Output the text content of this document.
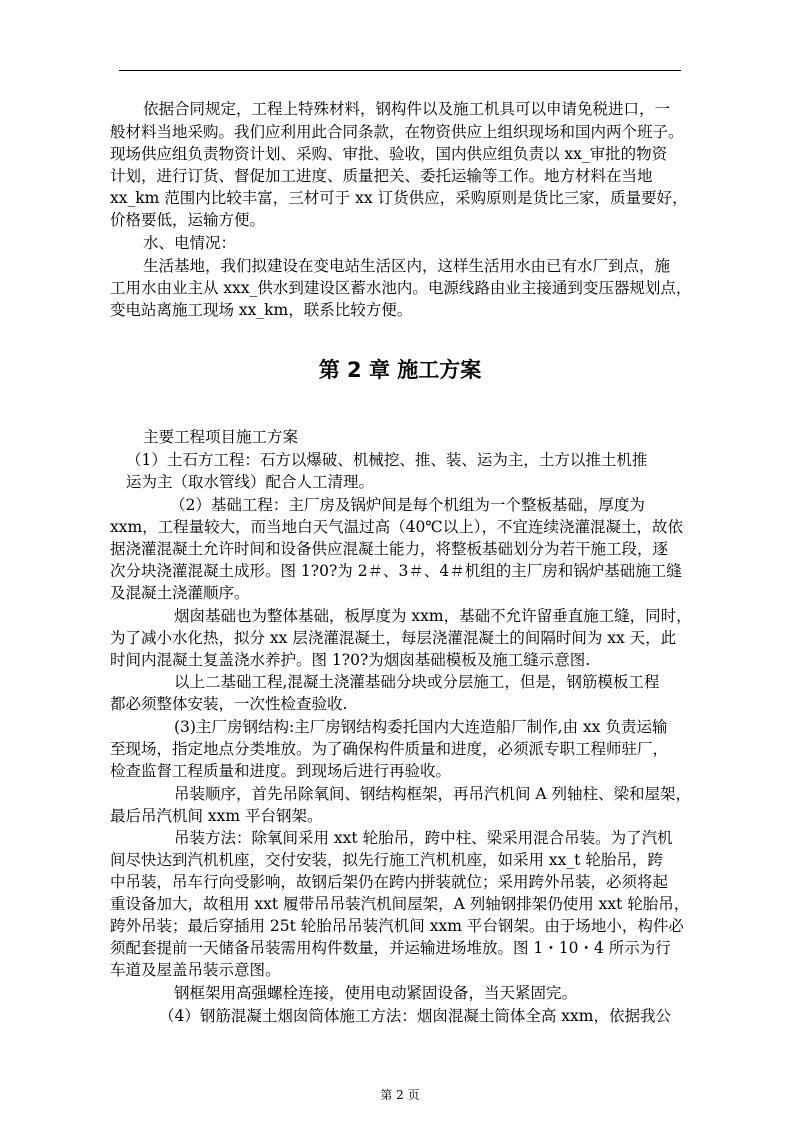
依据合同规定，工程上特殊材料，钢构件以及施工机具可以申请免税进口，一
般材料当地采购。我们应利用此合同条款，在物资供应上组织现场和国内两个班子。
现场供应组负责物资计划、采购、审批、验收，国内供应组负责以 xx_审批的物资
计划，进行订货、督促加工进度、质量把关、委托运输等工作。地方材料在当地
xx_km 范围内比较丰富，三材可于 xx 订货供应，采购原则是货比三家，质量要好，
价格要低，运输方便。
水、电情况：
生活基地，我们拟建设在变电站生活区内，这样生活用水由已有水厂到点，施
工用水由业主从 xxx_供水到建设区蓄水池内。电源线路由业主接通到变压器规划点，
变电站离施工现场 xx_km，联系比较方便。
第 2 章 施工方案
主要工程项目施工方案
（1）土石方工程：石方以爆破、机械挖、推、装、运为主，土方以推土机推
运为主（取水管线）配合人工清理。
（2）基础工程：主厂房及锅炉间是每个机组为一个整板基础，厚度为
xxm，工程量较大，而当地白天气温过高（40℃以上），不宜连续浇灌混凝土，故依
据浇灌混凝土允许时间和设备供应混凝土能力，将整板基础划分为若干施工段，逐
次分块浇灌混凝土成形。图 1?0?为 2＃、3＃、4＃机组的主厂房和锅炉基础施工缝
及混凝土浇灌顺序。
烟囱基础也为整体基础，板厚度为 xxm，基础不允许留垂直施工缝，同时，
为了减小水化热，拟分 xx 层浇灌混凝土，每层浇灌混凝土的间隔时间为 xx 天，此
时间内混凝土复盖浇水养护。图 1?0?为烟囱基础模板及施工缝示意图.
以上二基础工程,混凝土浇灌基础分块或分层施工，但是，钢筋模板工程
都必须整体安装，一次性检查验收.
(3)主厂房钢结构:主厂房钢结构委托国内大连造船厂制作,由 xx 负责运输
至现场，指定地点分类堆放。为了确保构件质量和进度，必须派专职工程师驻厂，
检查监督工程质量和进度。到现场后进行再验收。
吊装顺序，首先吊除氧间、钢结构框架，再吊汽机间 A 列轴柱、梁和屋架，
最后吊汽机间 xxm 平台钢架。
吊装方法：除氧间采用 xxt 轮胎吊，跨中柱、梁采用混合吊装。为了汽机
间尽快达到汽机机座，交付安装，拟先行施工汽机机座，如采用 xx_t 轮胎吊，跨
中吊装，吊车行向受影响，故钢后架仍在跨内拼装就位；采用跨外吊装，必须将起
重设备加大，故租用 xxt 履带吊吊装汽机间屋架，A 列轴钢排架仍使用 xxt 轮胎吊，
跨外吊装；最后穿插用 25t 轮胎吊吊装汽机间 xxm 平台钢架。由于场地小，构件必
须配套提前一天储备吊装需用构件数量，并运输进场堆放。图 1・10・4 所示为行
车道及屋盖吊装示意图。
钢框架用高强螺栓连接，使用电动紧固设备，当天紧固完。
（4）钢筋混凝土烟囱筒体施工方法：烟囱混凝土筒体全高 xxm，依据我公
第 2 页
